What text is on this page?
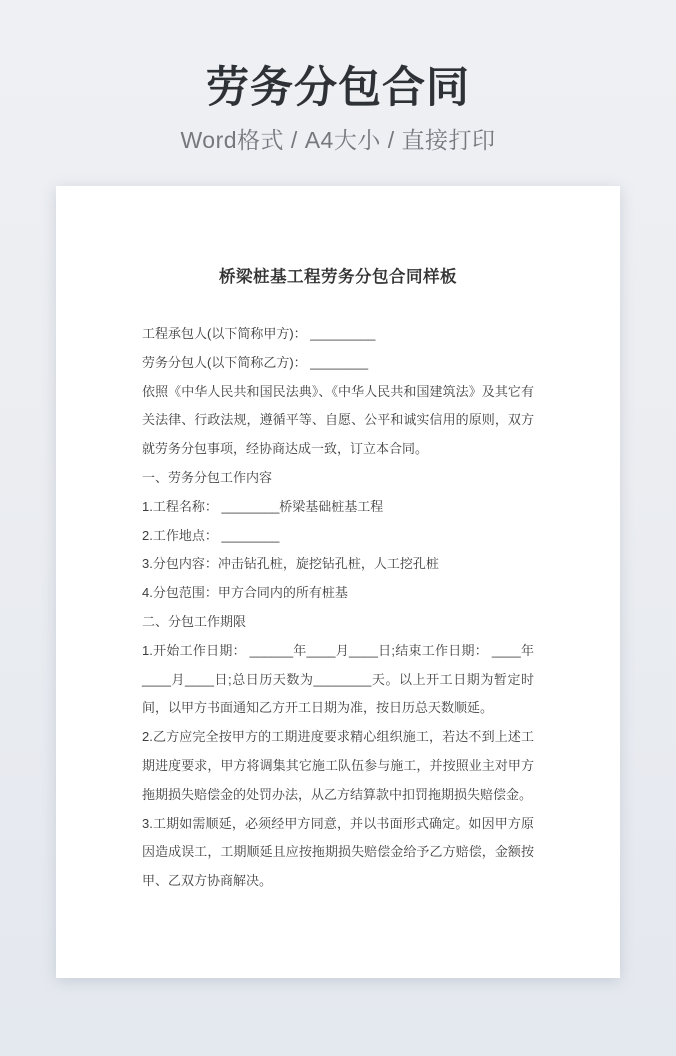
劳务分包合同
Word格式 / A4大小 / 直接打印
桥梁桩基工程劳务分包合同样板

工程承包人(以下简称甲方)： _________

劳务分包人(以下简称乙方)： ________

依照《中华人民共和国民法典》、《中华人民共和国建筑法》及其它有关法律、行政法规，遵循平等、自愿、公平和诚实信用的原则，双方就劳务分包事项，经协商达成一致，订立本合同。

一、劳务分包工作内容

1.工程名称： ________桥梁基础桩基工程

2.工作地点： ________

3.分包内容：冲击钻孔桩，旋挖钻孔桩，人工挖孔桩

4.分包范围：甲方合同内的所有桩基

二、分包工作期限

1.开始工作日期： ______年____月____日;结束工作日期： ____年____月____日;总日历天数为________天。以上开工日期为暂定时间，以甲方书面通知乙方开工日期为准，按日历总天数顺延。

2.乙方应完全按甲方的工期进度要求精心组织施工，若达不到上述工期进度要求，甲方将调集其它施工队伍参与施工，并按照业主对甲方拖期损失赔偿金的处罚办法，从乙方结算款中扣罚拖期损失赔偿金。

3.工期如需顺延，必须经甲方同意，并以书面形式确定。如因甲方原因造成误工，工期顺延且应按拖期损失赔偿金给予乙方赔偿，金额按甲、乙双方协商解决。
